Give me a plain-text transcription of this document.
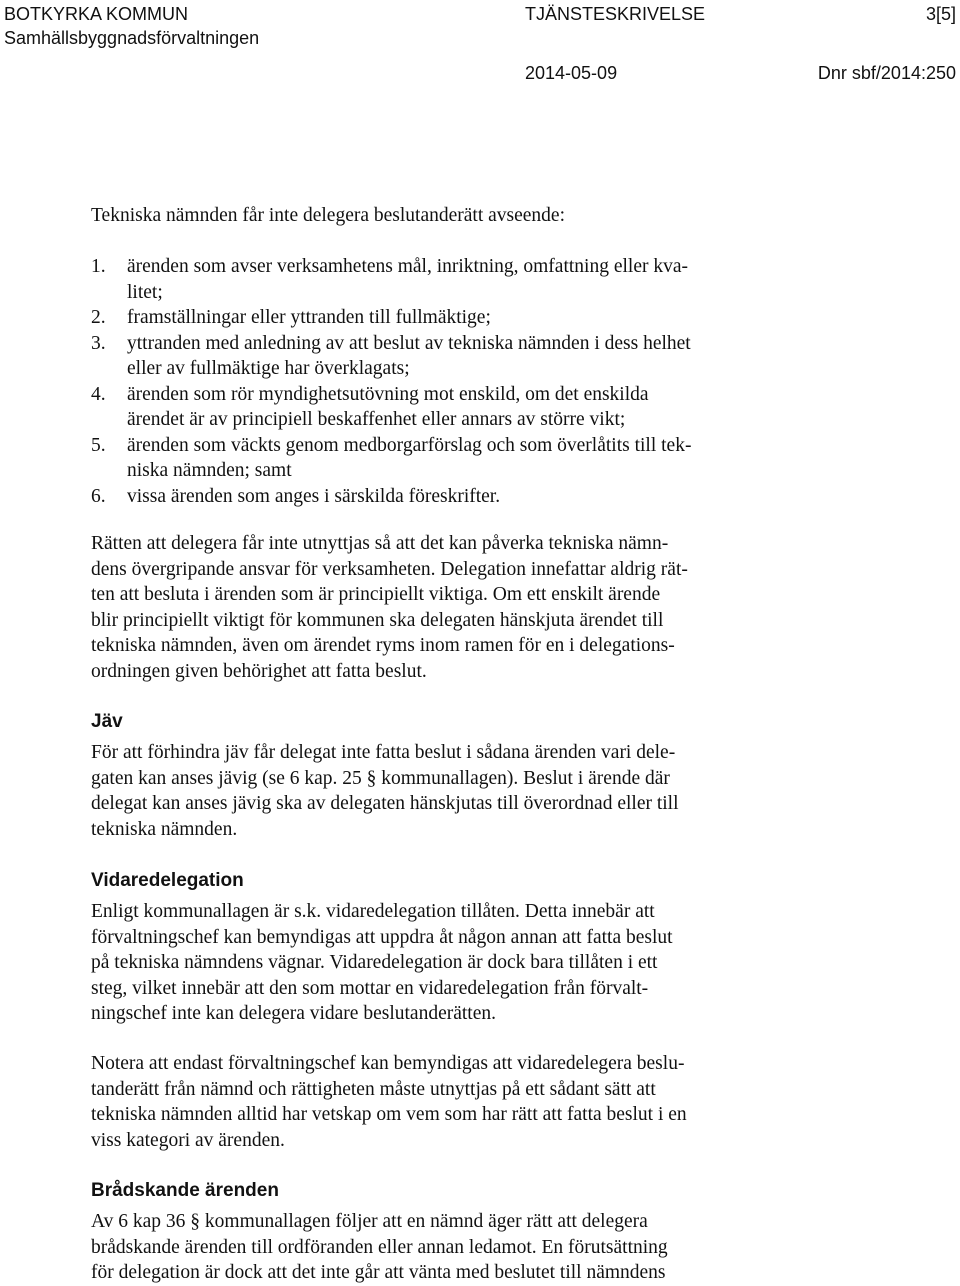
BOTKYRKA KOMMUN
Samhällsbyggnadsförvaltningen
TJÄNSTESKRIVELSE	3[5]
2014-05-09	Dnr sbf/2014:250
Tekniska nämnden får inte delegera beslutanderätt avseende:
1. ärenden som avser verksamhetens mål, inriktning, omfattning eller kva-
litet;
2. framställningar eller yttranden till fullmäktige;
3. yttranden med anledning av att beslut av tekniska nämnden i dess helhet
eller av fullmäktige har överklagats;
4. ärenden som rör myndighetsutövning mot enskild, om det enskilda
ärendet är av principiell beskaffenhet eller annars av större vikt;
5. ärenden som väckts genom medborgarförslag och som överlåtits till tek-
niska nämnden; samt
6. vissa ärenden som anges i särskilda föreskrifter.
Rätten att delegera får inte utnyttjas så att det kan påverka tekniska nämn-
dens övergripande ansvar för verksamheten. Delegation innefattar aldrig rät-
ten att besluta i ärenden som är principiellt viktiga. Om ett enskilt ärende
blir principiellt viktigt för kommunen ska delegaten hänskjuta ärendet till
tekniska nämnden, även om ärendet ryms inom ramen för en i delegations-
ordningen given behörighet att fatta beslut.
Jäv
För att förhindra jäv får delegat inte fatta beslut i sådana ärenden vari dele-
gaten kan anses jävig (se 6 kap. 25 § kommunallagen). Beslut i ärende där
delegat kan anses jävig ska av delegaten hänskjutas till överordnad eller till
tekniska nämnden.
Vidaredelegation
Enligt kommunallagen är s.k. vidaredelegation tillåten. Detta innebär att
förvaltningschef kan bemyndigas att uppdra åt någon annan att fatta beslut
på tekniska nämndens vägnar. Vidaredelegation är dock bara tillåten i ett
steg, vilket innebär att den som mottar en vidaredelegation från förvalt-
ningschef inte kan delegera vidare beslutanderätten.
Notera att endast förvaltningschef kan bemyndigas att vidaredelegera beslu-
tanderätt från nämnd och rättigheten måste utnyttjas på ett sådant sätt att
tekniska nämnden alltid har vetskap om vem som har rätt att fatta beslut i en
viss kategori av ärenden.
Brådskande ärenden
Av 6 kap 36 § kommunallagen följer att en nämnd äger rätt att delegera
brådskande ärenden till ordföranden eller annan ledamot. En förutsättning
för delegation är dock att det inte går att vänta med beslutet till nämndens
